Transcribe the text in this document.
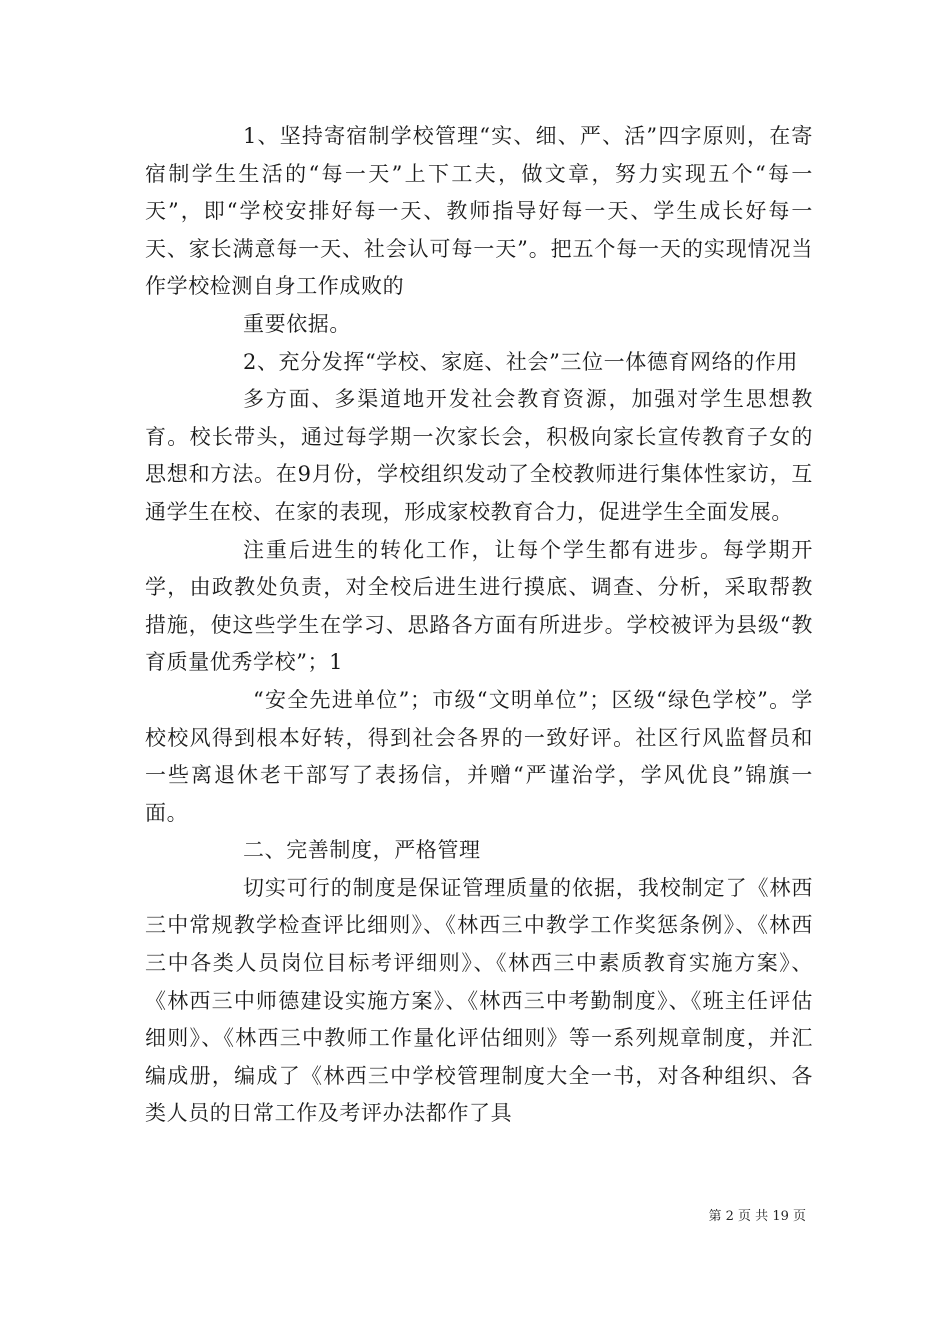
1、坚持寄宿制学校管理“实、细、严、活”四字原则，在寄宿制学生生活的“每一天”上下工夫，做文章，努力实现五个“每一天”，即“学校安排好每一天、教师指导好每一天、学生成长好每一天、家长满意每一天、社会认可每一天”。把五个每一天的实现情况当作学校检测自身工作成败的

重要依据。

2、充分发挥“学校、家庭、社会”三位一体德育网络的作用

多方面、多渠道地开发社会教育资源，加强对学生思想教育。校长带头，通过每学期一次家长会，积极向家长宣传教育子女的思想和方法。在9月份，学校组织发动了全校教师进行集体性家访，互通学生在校、在家的表现，形成家校教育合力，促进学生全面发展。

注重后进生的转化工作，让每个学生都有进步。每学期开学，由政教处负责，对全校后进生进行摸底、调查、分析，采取帮教措施，使这些学生在学习、思路各方面有所进步。学校被评为县级“教育质量优秀学校”；1

“安全先进单位”；市级“文明单位”；区级“绿色学校”。学校校风得到根本好转，得到社会各界的一致好评。社区行风监督员和一些离退休老干部写了表扬信，并赠“严谨治学，学风优良”锦旗一面。

二、完善制度，严格管理

切实可行的制度是保证管理质量的依据，我校制定了《林西三中常规教学检查评比细则》、《林西三中教学工作奖惩条例》、《林西三中各类人员岗位目标考评细则》、《林西三中素质教育实施方案》、《林西三中师德建设实施方案》、《林西三中考勤制度》、《班主任评估细则》、《林西三中教师工作量化评估细则》等一系列规章制度，并汇编成册，编成了《林西三中学校管理制度大全一书，对各种组织、各类人员的日常工作及考评办法都作了具

第 2 页 共 19 页
